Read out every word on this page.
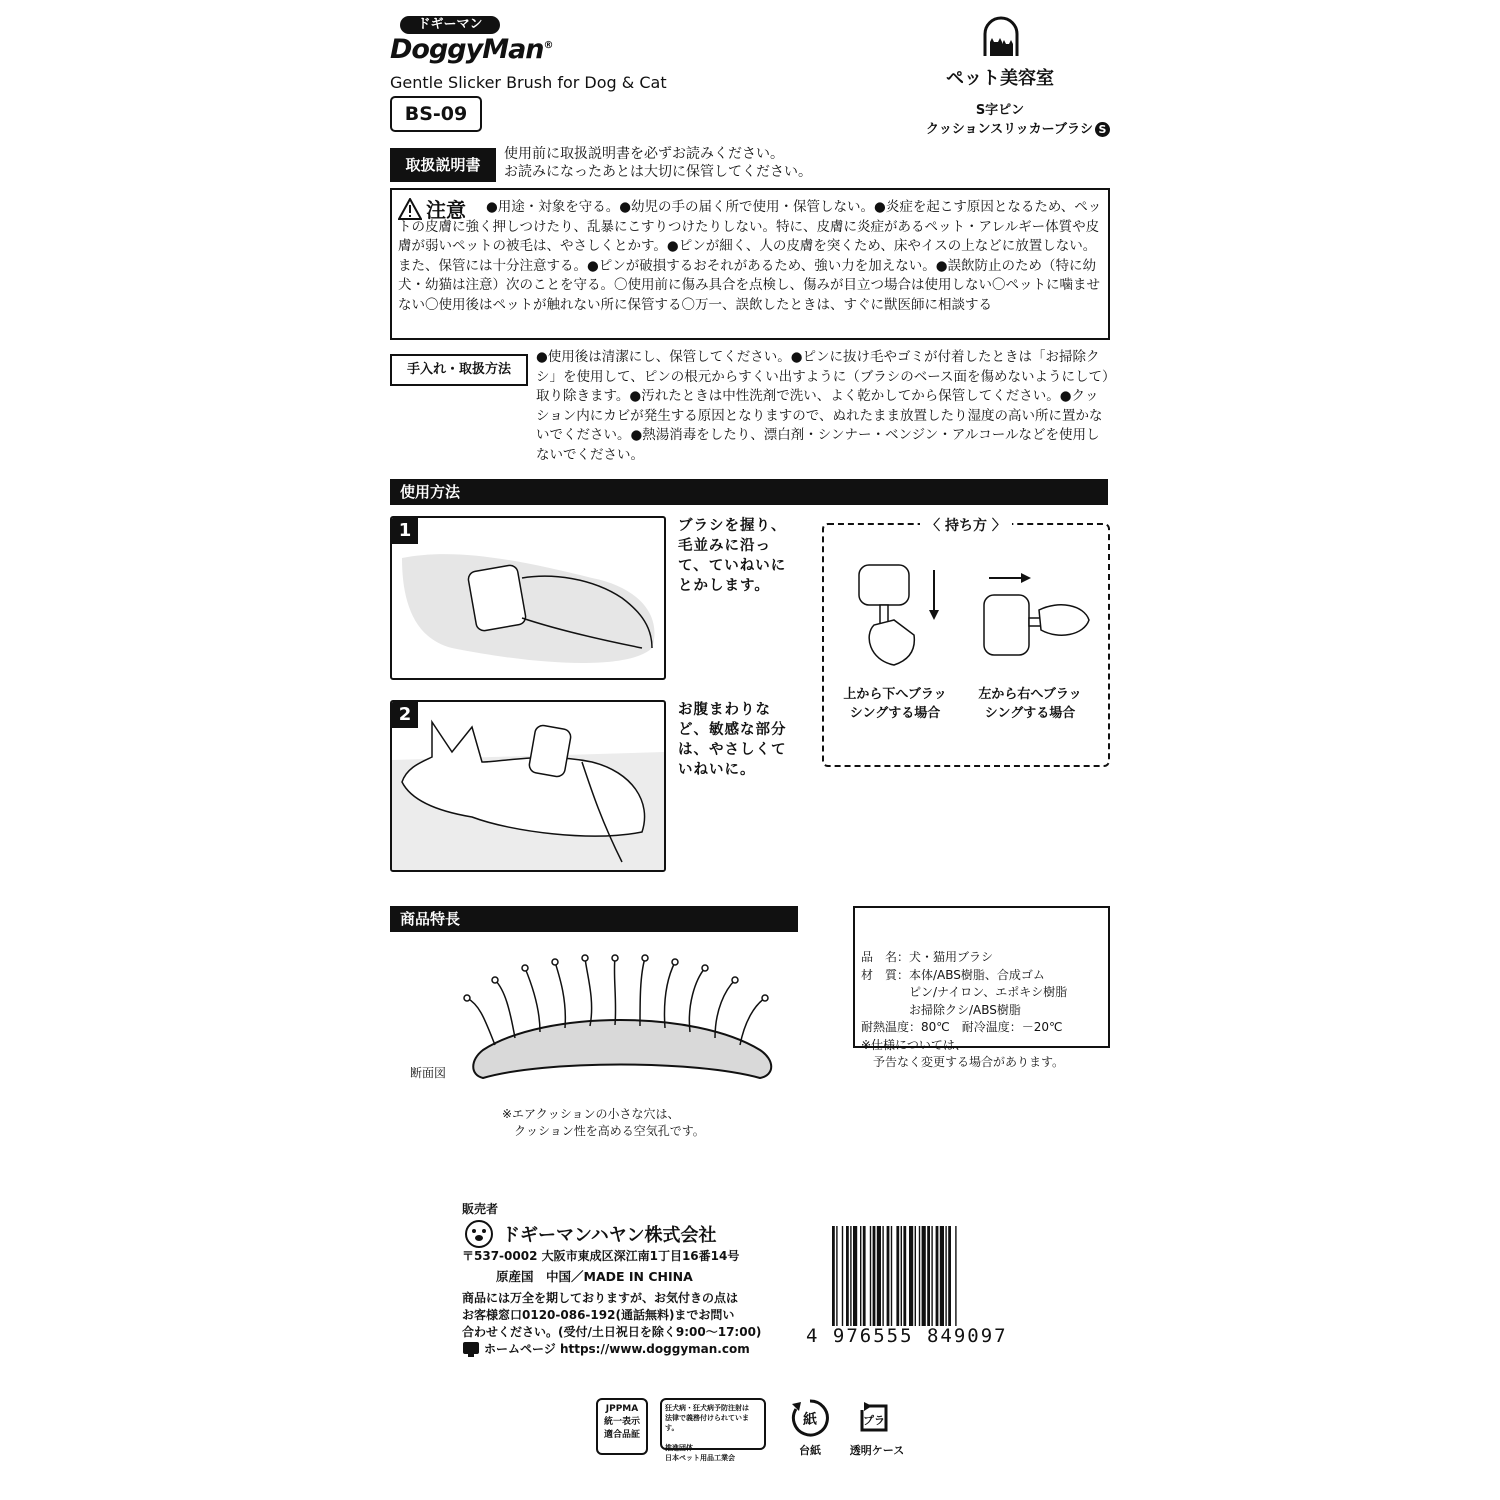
ドギーマン
DoggyMan®
Gentle Slicker Brush for Dog & Cat
BS-09
ペット美容室
S字ピン
クッションスリッカーブラシ S
取扱説明書
使用前に取扱説明書を必ずお読みください。
お読みになったあとは大切に保管してください。
注意	●用途・対象を守る。●幼児の手の届く所で使用・保管しない。●炎症を起こす原因となるため、ペットの皮膚に強く押しつけたり、乱暴にこすりつけたりしない。特に、皮膚に炎症があるペット・アレルギー体質や皮膚が弱いペットの被毛は、やさしくとかす。●ピンが細く、人の皮膚を突くため、床やイスの上などに放置しない。また、保管には十分注意する。●ピンが破損するおそれがあるため、強い力を加えない。●誤飲防止のため（特に幼犬・幼猫は注意）次のことを守る。〇使用前に傷み具合を点検し、傷みが目立つ場合は使用しない〇ペットに噛ませない〇使用後はペットが触れない所に保管する〇万一、誤飲したときは、すぐに獣医師に相談する
手入れ・取扱方法
●使用後は清潔にし、保管してください。●ピンに抜け毛やゴミが付着したときは「お掃除クシ」を使用して、ピンの根元からすくい出すように（ブラシのベース面を傷めないようにして）取り除きます。●汚れたときは中性洗剤で洗い、よく乾かしてから保管してください。●クッション内にカビが発生する原因となりますので、ぬれたまま放置したり湿度の高い所に置かないでください。●熱湯消毒をしたり、漂白剤・シンナー・ベンジン・アルコールなどを使用しないでください。
使用方法
1	ブラシを握り、毛並みに沿って、ていねいにとかします。
2	お腹まわりなど、敏感な部分は、やさしくていねいに。
〈 持ち方 〉
上から下へブラッシングする場合
左から右へブラッシングする場合
商品特長
断面図
※エアクッションの小さな穴は、
　クッション性を高める空気孔です。

品　名：犬・猫用ブラシ
材　質：本体/ABS樹脂、合成ゴム
　　　　ピン/ナイロン、エポキシ樹脂
　　　　お掃除クシ/ABS樹脂
耐熱温度：80℃　耐冷温度：－20℃
※仕様については、
　予告なく変更する場合があります。

販売者
ドギーマンハヤン株式会社
〒537-0002 大阪市東成区深江南1丁目16番14号
原産国　中国／MADE IN CHINA
商品には万全を期しておりますが、お気付きの点は
お客様窓口0120-086-192(通話無料)までお問い
合わせください。(受付/土日祝日を除く9:00～17:00)
ホームページ https://www.doggyman.com
4 976555 849097
JPPMA
統一表示
適合品証
狂犬病・狂犬病予防注射は
法律で義務付けられています。
推進団体
日本ペット用品工業会
紙
台紙
プラ
透明ケース
